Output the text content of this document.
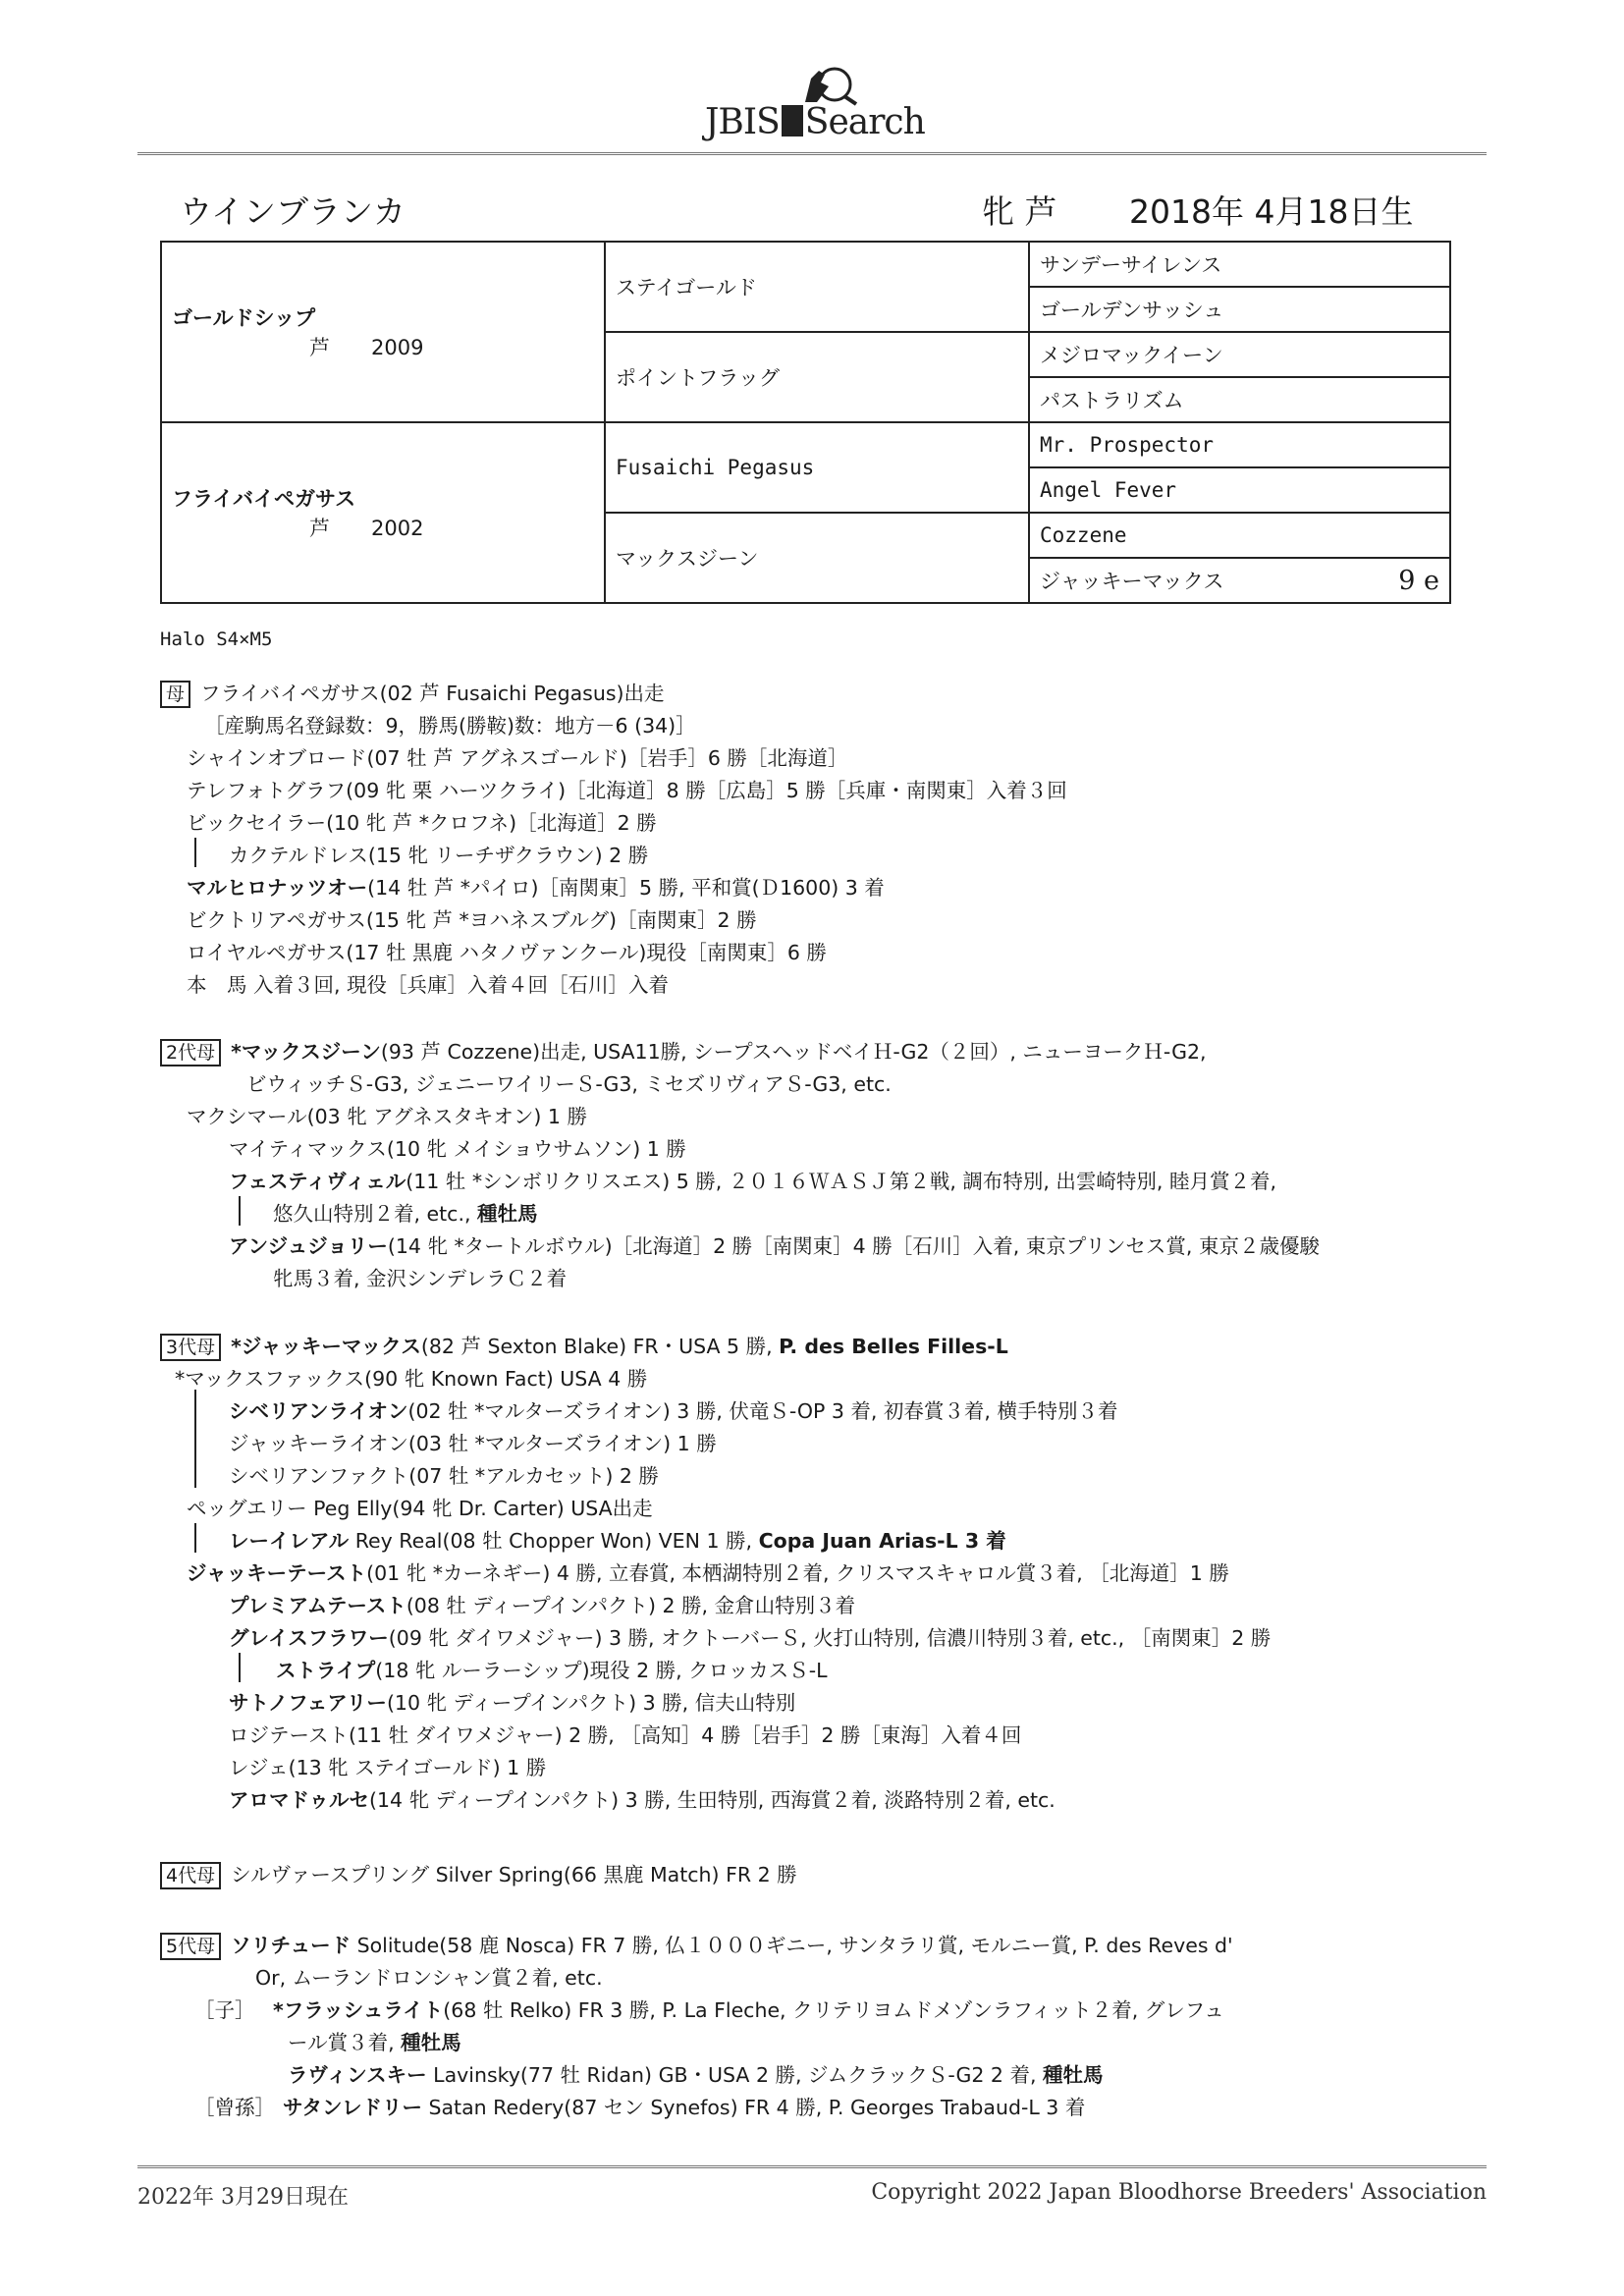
JBIS Search
ウインブランカ	牝 芦 2018年 4月18日生
ゴールドシップ
芦　　2009	ステイゴールド	サンデーサイレンス
		ゴールデンサッシュ
	ポイントフラッグ	メジロマックイーン
		パストラリズム
フライバイペガサス
芦　　2002	Fusaichi Pegasus	Mr. Prospector
		Angel Fever
	マックスジーン	Cozzene
		ジャッキーマックス 9 e
Halo S4×M5
母 フライバイペガサス(02 芦 Fusaichi Pegasus)出走
［産駒馬名登録数：9，勝馬(勝鞍)数：地方－6 (34)］
シャインオブロード(07 牡 芦 アグネスゴールド)［岩手］6 勝［北海道］
テレフォトグラフ(09 牝 栗 ハーツクライ)［北海道］8 勝［広島］5 勝［兵庫・南関東］入着３回
ビックセイラー(10 牝 芦 *クロフネ)［北海道］2 勝
カクテルドレス(15 牝 リーチザクラウン) 2 勝
マルヒロナッツオー(14 牡 芦 *パイロ)［南関東］5 勝, 平和賞(Ｄ1600) 3 着
ビクトリアペガサス(15 牝 芦 *ヨハネスブルグ)［南関東］2 勝
ロイヤルペガサス(17 牡 黒鹿 ハタノヴァンクール)現役［南関東］6 勝
本　馬 入着３回, 現役［兵庫］入着４回［石川］入着
2代母 *マックスジーン(93 芦 Cozzene)出走, USA11勝, シープスヘッドベイＨ-G2（２回）, ニューヨークＨ-G2,
ビウィッチＳ-G3, ジェニーワイリーＳ-G3, ミセズリヴィアＳ-G3, etc.
マクシマール(03 牝 アグネスタキオン) 1 勝
マイティマックス(10 牝 メイショウサムソン) 1 勝
フェスティヴィェル(11 牡 *シンボリクリスエス) 5 勝, ２０１６ＷＡＳＪ第２戦, 調布特別, 出雲崎特別, 睦月賞２着,
悠久山特別２着, etc., 種牡馬
アンジュジョリー(14 牝 *タートルボウル)［北海道］2 勝［南関東］4 勝［石川］入着, 東京プリンセス賞, 東京２歳優駿
牝馬３着, 金沢シンデレラＣ２着
3代母 *ジャッキーマックス(82 芦 Sexton Blake) FR・USA 5 勝, P. des Belles Filles-L
*マックスファックス(90 牝 Known Fact) USA 4 勝
シベリアンライオン(02 牡 *マルターズライオン) 3 勝, 伏竜Ｓ-OP 3 着, 初春賞３着, 横手特別３着
ジャッキーライオン(03 牡 *マルターズライオン) 1 勝
シベリアンファクト(07 牡 *アルカセット) 2 勝
ペッグエリー Peg Elly(94 牝 Dr. Carter) USA出走
レーイレアル Rey Real(08 牡 Chopper Won) VEN 1 勝, Copa Juan Arias-L 3 着
ジャッキーテースト(01 牝 *カーネギー) 4 勝, 立春賞, 本栖湖特別２着, クリスマスキャロル賞３着, ［北海道］1 勝
プレミアムテースト(08 牡 ディープインパクト) 2 勝, 金倉山特別３着
グレイスフラワー(09 牝 ダイワメジャー) 3 勝, オクトーバーＳ, 火打山特別, 信濃川特別３着, etc., ［南関東］2 勝
ストライプ(18 牝 ルーラーシップ)現役 2 勝, クロッカスＳ-L
サトノフェアリー(10 牝 ディープインパクト) 3 勝, 信夫山特別
ロジテースト(11 牡 ダイワメジャー) 2 勝, ［高知］4 勝［岩手］2 勝［東海］入着４回
レジェ(13 牝 ステイゴールド) 1 勝
アロマドゥルセ(14 牝 ディープインパクト) 3 勝, 生田特別, 西海賞２着, 淡路特別２着, etc.
4代母 シルヴァースプリング Silver Spring(66 黒鹿 Match) FR 2 勝
5代母 ソリチュード Solitude(58 鹿 Nosca) FR 7 勝, 仏１０００ギニー, サンタラリ賞, モルニー賞, P. des Reves d'
Or, ムーランドロンシャン賞２着, etc.
［子］ *フラッシュライト(68 牡 Relko) FR 3 勝, P. La Fleche, クリテリヨムドメゾンラフィット２着, グレフュ
ール賞３着, 種牡馬
ラヴィンスキー Lavinsky(77 牡 Ridan) GB・USA 2 勝, ジムクラックＳ-G2 2 着, 種牡馬
［曾孫］ サタンレドリー Satan Redery(87 セン Synefos) FR 4 勝, P. Georges Trabaud-L 3 着
2022年 3月29日現在	Copyright 2022 Japan Bloodhorse Breeders' Association
